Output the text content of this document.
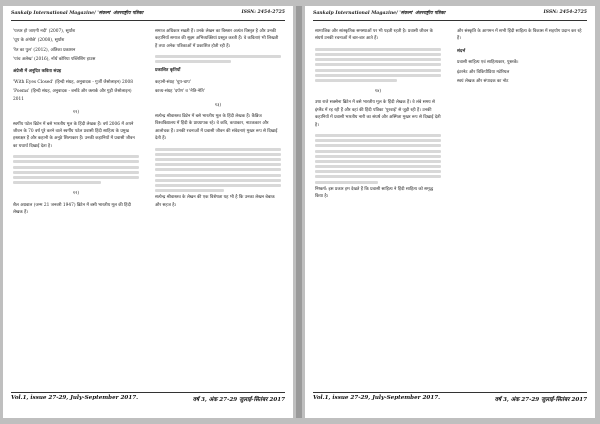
Sankalp International Magazine/ 'संकल्प' अंतरराष्ट्रीय पत्रिका	ISSN: 2454-2725

'पत्थर हो जाएगी नदी' (2007), सूर्यांश

'धूप के अंगोछे' (2008), सूर्यांश

'रेत का पुल' (2012), अंतिका प्रकाशन

'पांच अलेख' (2016), नॉर्थ कोरिया पब्लिशिंग हाउस

अंग्रेजी में अनूदित कविता संग्रह

'With Eyes Closed' (हिन्दी संग्रह, अनुवादक - गुर्जी जैसोलाइन) 2008

'Poems' (हिन्दी संग्रह, अनुवादक - बर्नाडे और क्लार्क और गुड़ी जैसोलाइन) 2011

११)

स्वर्गीय पटेल ब्रिटेन में बसे भारतीय मूल के हिंदी लेखक हैं। वर्ष 2006 में अपने जीवन के 70 वर्ष पूरे करने वाले स्वर्गीय पटेल प्रवासी हिंदी साहित्य के प्रमुख हस्ताक्षर हैं और कहानी के अनूठे शिल्पकार हैं। उनकी कहानियों में प्रवासी जीवन का यथार्थ दिखाई देता है।

१२)

शैल अग्रवाल (जन्म 21 जनवरी 1947) ब्रिटेन में बसी भारतीय मूल की हिंदी लेखक हैं।

समाज अधिकार रखती हैं। उनके लेखन का विस्तार अत्यंत विस्तृत है और उनकी कहानियाँ समाज की सूक्ष्म अभिव्यक्तियां प्रस्तुत करती हैं। वे कविताएं भी लिखती हैं तथा अनेक पत्रिकाओं में प्रकाशित होती रही हैं।

प्रकाशित कृतियाँ

कहानी-संग्रह 'चुप-चाप'

काव्य-संग्रह 'दर्पण' व 'नेति-नेति'

१३)

सत्येन्द्र श्रीवास्तव ब्रिटेन में बसे भारतीय मूल के हिंदी लेखक हैं। कैंब्रिज विश्वविद्यालय में हिंदी के प्राध्यापक रहे। वे कवि, कथाकार, नाटककार और आलोचक हैं। उनकी रचनाओं में प्रवासी जीवन की संवेदनाएं मुखर रूप से दिखाई देती हैं।

सत्येन्द्र श्रीवास्तव के लेखन की एक विशेषता यह भी है कि उनका लेखन बेबाक और सहज है।

Vol.1, issue 27-29, July-September 2017.	वर्ष 3, अंक 27-29 जुलाई-सितंबर 2017
Sankalp International Magazine/ 'संकल्प' अंतरराष्ट्रीय पत्रिका	ISSN: 2454-2725

सामाजिक और सांस्कृतिक समस्याओं पर भी पड़ती रहती है। प्रवासी जीवन के संघर्ष उनकी रचनाओं में बार-बार आते हैं।

१४)

उषा राजे सक्सेना ब्रिटेन में बसे भारतीय मूल के हिंदी लेखक हैं। वे लंबे समय से इंग्लैंड में रह रही हैं और वहां की हिंदी पत्रिका 'पुरवाई' से जुड़ी रही हैं। उनकी कहानियों में प्रवासी भारतीय नारी का संघर्ष और अस्मिता मुखर रूप से दिखाई देती है।

निष्कर्ष: इस प्रकार हम देखते हैं कि प्रवासी साहित्य ने हिंदी साहित्य को समृद्ध किया है।

और संस्कृति के आगमन में सभी हिंदी साहित्य के विकास में सहयोग प्रदान कर रहे हैं।

संदर्भ

प्रवासी साहित्य एवं साहित्यकार, पुस्तकें।

इंटरनेट और विकिपीडिया मटेरियल

स्वयं लेखक और संपादक का नोट

Vol.1, issue 27-29, July-September 2017.	वर्ष 3, अंक 27-29 जुलाई-सितंबर 2017
